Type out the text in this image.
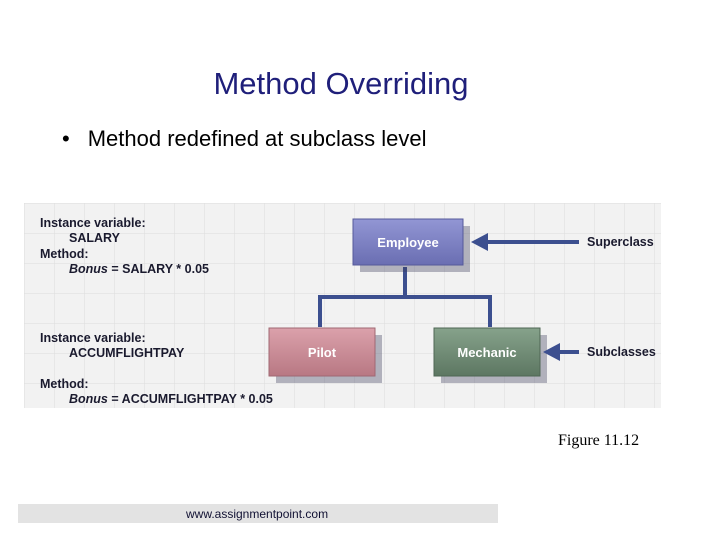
Method Overriding
• Method redefined at subclass level
Instance variable:
SALARY
Method:
Bonus = SALARY * 0.05
Instance variable:
ACCUMFLIGHTPAY
Method:
Bonus = ACCUMFLIGHTPAY * 0.05
Employee
Pilot	Mechanic
Superclass
Subclasses
Figure 11.12
www.assignmentpoint.com
